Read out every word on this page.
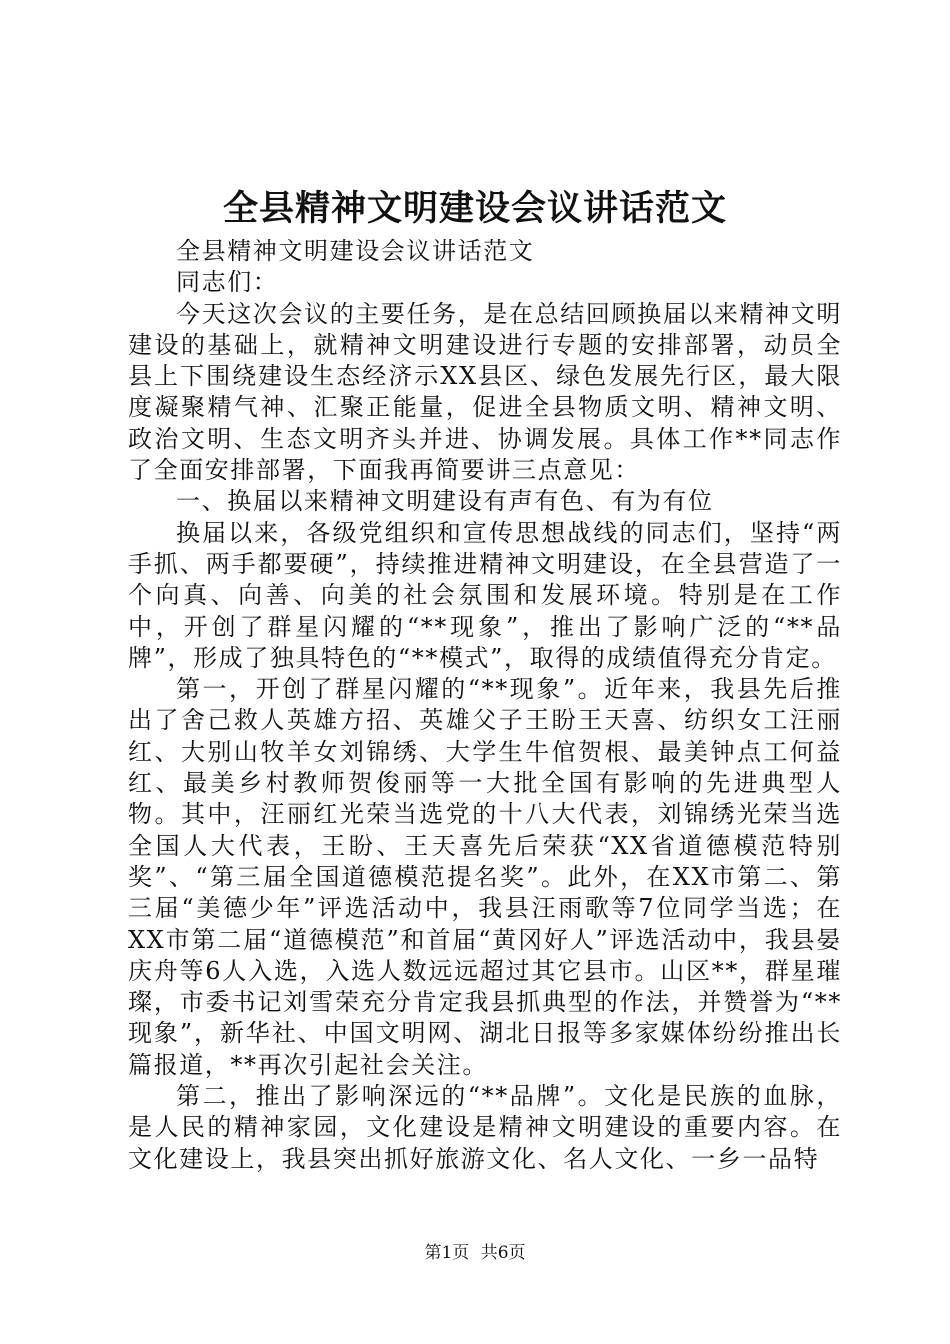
全县精神文明建设会议讲话范文

全县精神文明建设会议讲话范文

同志们：

今天这次会议的主要任务，是在总结回顾换届以来精神文明建设的基础上，就精神文明建设进行专题的安排部署，动员全县上下围绕建设生态经济示XX县区、绿色发展先行区，最大限度凝聚精气神、汇聚正能量，促进全县物质文明、精神文明、政治文明、生态文明齐头并进、协调发展。具体工作**同志作了全面安排部署，下面我再简要讲三点意见：

一、换届以来精神文明建设有声有色、有为有位

换届以来，各级党组织和宣传思想战线的同志们，坚持“两手抓、两手都要硬”，持续推进精神文明建设，在全县营造了一个向真、向善、向美的社会氛围和发展环境。特别是在工作中，开创了群星闪耀的“**现象”，推出了影响广泛的“**品牌”，形成了独具特色的“**模式”，取得的成绩值得充分肯定。

第一，开创了群星闪耀的“**现象”。近年来，我县先后推出了舍己救人英雄方招、英雄父子王盼王天喜、纺织女工汪丽红、大别山牧羊女刘锦绣、大学生牛倌贺根、最美钟点工何益红、最美乡村教师贺俊丽等一大批全国有影响的先进典型人物。其中，汪丽红光荣当选党的十八大代表，刘锦绣光荣当选全国人大代表，王盼、王天喜先后荣获“XX省道德模范特别奖”、“第三届全国道德模范提名奖”。此外，在XX市第二、第三届“美德少年”评选活动中，我县汪雨歌等7位同学当选；在XX市第二届“道德模范”和首届“黄冈好人”评选活动中，我县晏庆舟等6人入选，入选人数远远超过其它县市。山区**，群星璀璨，市委书记刘雪荣充分肯定我县抓典型的作法，并赞誉为“**现象”，新华社、中国文明网、湖北日报等多家媒体纷纷推出长篇报道，**再次引起社会关注。

第二，推出了影响深远的“**品牌”。文化是民族的血脉，是人民的精神家园，文化建设是精神文明建设的重要内容。在文化建设上，我县突出抓好旅游文化、名人文化、一乡一品特

第1页 共6页
